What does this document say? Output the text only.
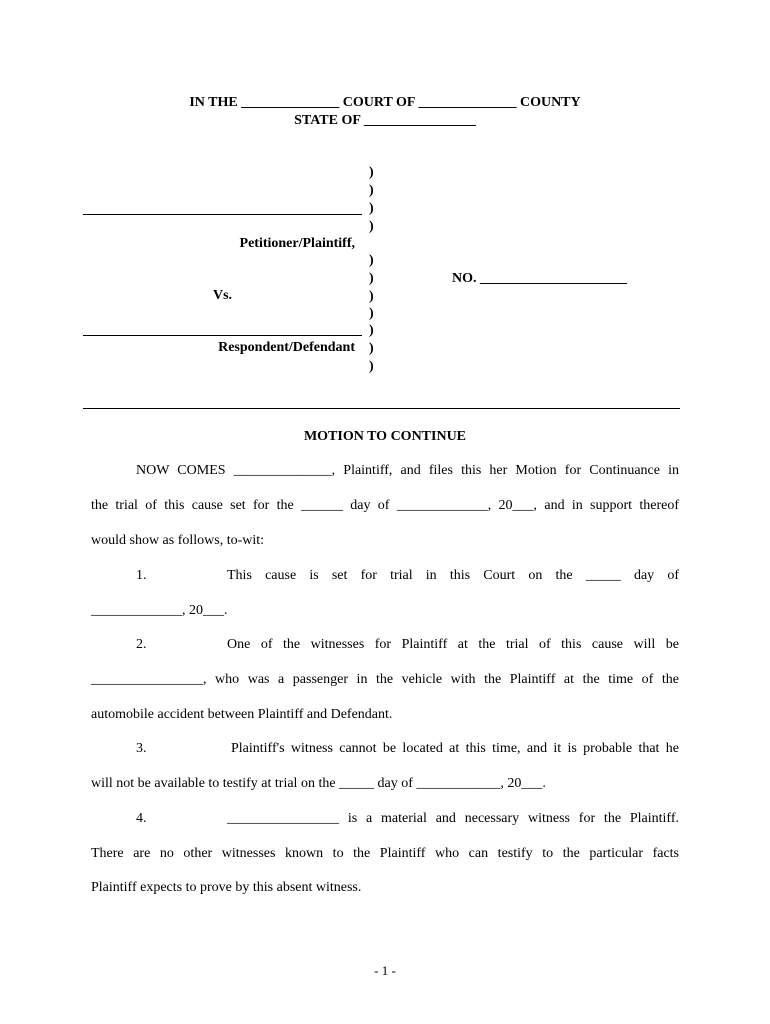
IN THE ______________ COURT OF ______________ COUNTY
STATE OF ________________
)
)
)
)
)
)
)
)
)
)
)
Petitioner/Plaintiff,
Vs.
Respondent/Defendant
NO. _____________________
MOTION TO CONTINUE
NOW COMES ______________, Plaintiff, and files this her Motion for Continuance in
the trial of this cause set for the ______ day of _____________, 20___, and in support thereof
would show as follows, to-wit:
1.	This cause is set for trial in this Court on the _____ day of
_____________, 20___.
2.	One of the witnesses for Plaintiff at the trial of this cause will be
________________, who was a passenger in the vehicle with the Plaintiff at the time of the
automobile accident between Plaintiff and Defendant.
3.	Plaintiff's witness cannot be located at this time, and it is probable that he
will not be available to testify at trial on the _____ day of ____________, 20___.
4.	________________ is a material and necessary witness for the Plaintiff.
There are no other witnesses known to the Plaintiff who can testify to the particular facts
Plaintiff expects to prove by this absent witness.
- 1 -
